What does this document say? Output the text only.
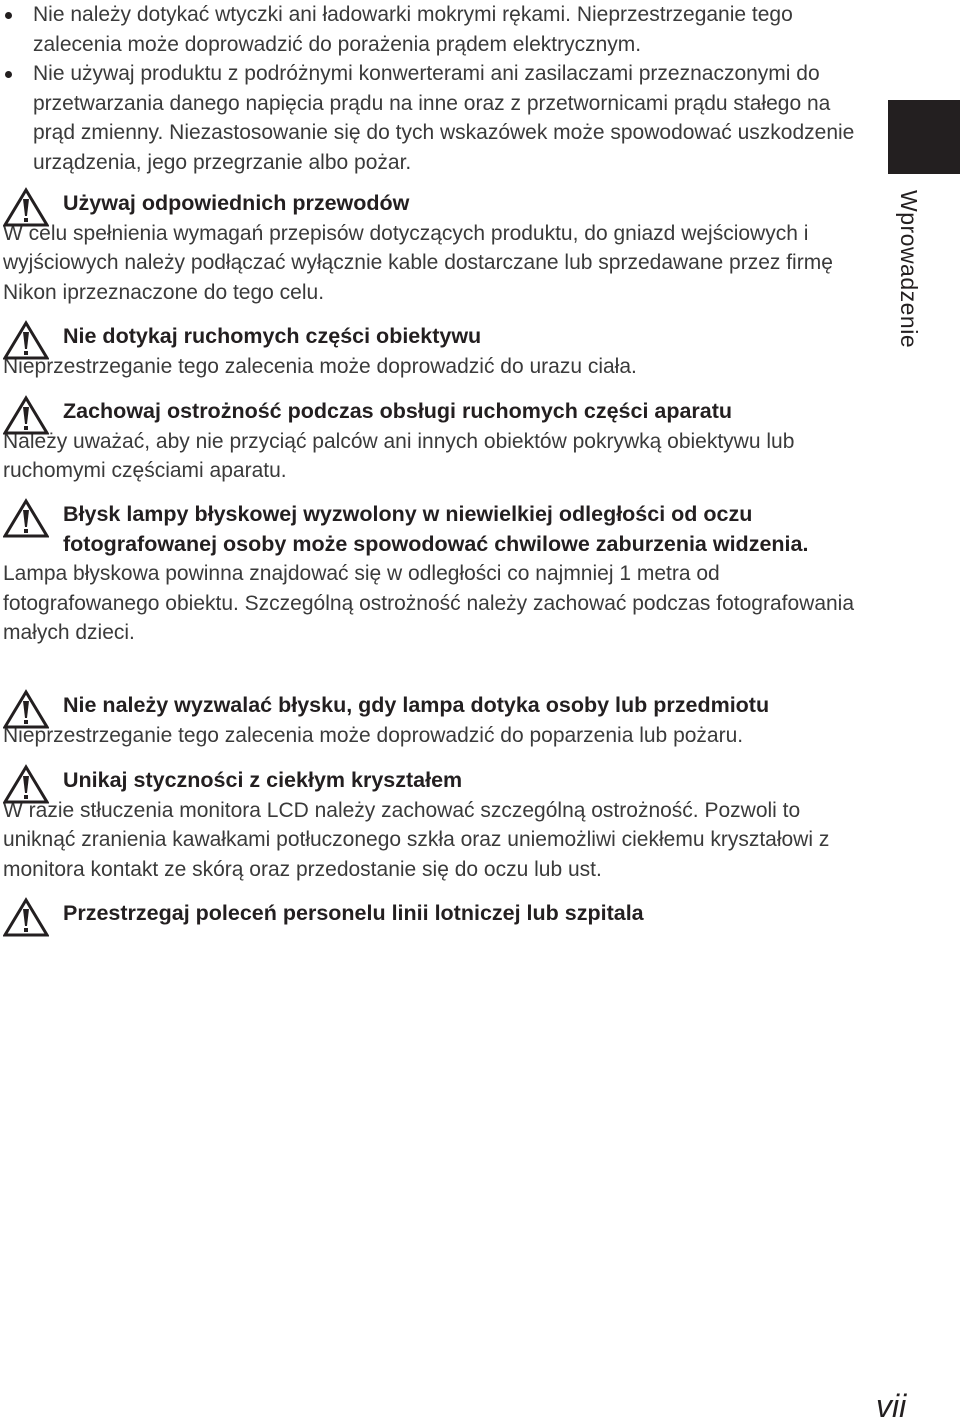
Nie należy dotykać wtyczki ani ładowarki mokrymi rękami. Nieprzestrzeganie tego zalecenia może doprowadzić do porażenia prądem elektrycznym.
Nie używaj produktu z podróżnymi konwerterami ani zasilaczami przeznaczonymi do przetwarzania danego napięcia prądu na inne oraz z przetwornicami prądu stałego na prąd zmienny. Niezastosowanie się do tych wskazówek może spowodować uszkodzenie urządzenia, jego przegrzanie albo pożar.

Używaj odpowiednich przewodów

W celu spełnienia wymagań przepisów dotyczących produktu, do gniazd wejściowych i wyjściowych należy podłączać wyłącznie kable dostarczane lub sprzedawane przez firmę Nikon iprzeznaczone do tego celu.

Nie dotykaj ruchomych części obiektywu

Nieprzestrzeganie tego zalecenia może doprowadzić do urazu ciała.

Zachowaj ostrożność podczas obsługi ruchomych części aparatu

Należy uważać, aby nie przyciąć palców ani innych obiektów pokrywką obiektywu lub ruchomymi częściami aparatu.

Błysk lampy błyskowej wyzwolony w niewielkiej odległości od oczu fotografowanej osoby może spowodować chwilowe zaburzenia widzenia.

Lampa błyskowa powinna znajdować się w odległości co najmniej 1 metra od fotografowanego obiektu. Szczególną ostrożność należy zachować podczas fotografowania małych dzieci.

Nie należy wyzwalać błysku, gdy lampa dotyka osoby lub przedmiotu

Nieprzestrzeganie tego zalecenia może doprowadzić do poparzenia lub pożaru.

Unikaj styczności z ciekłym kryształem

W razie stłuczenia monitora LCD należy zachować szczególną ostrożność. Pozwoli to uniknąć zranienia kawałkami potłuczonego szkła oraz uniemożliwi ciekłemu kryształowi z monitora kontakt ze skórą oraz przedostanie się do oczu lub ust.

Przestrzegaj poleceń personelu linii lotniczej lub szpitala

Wprowadzenie
vii
